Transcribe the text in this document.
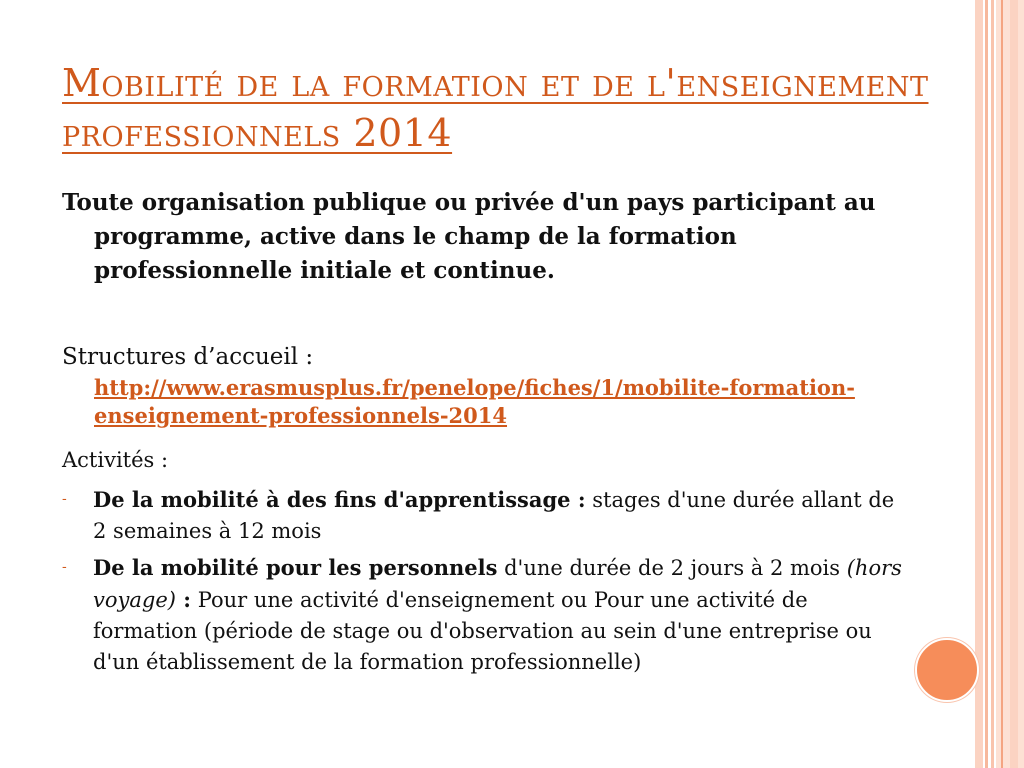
Mobilité de la formation et de l'enseignement professionnels 2014
Toute organisation publique ou privée d'un pays participant au programme, active dans le champ de la formation professionnelle initiale et continue.
Structures d’accueil :
http://www.erasmusplus.fr/penelope/fiches/1/mobilite-formation-enseignement-professionnels-2014
Activités :
- De la mobilité à des fins d'apprentissage : stages d'une durée allant de 2 semaines à 12 mois
- De la mobilité pour les personnels d'une durée de 2 jours à 2 mois (hors voyage) : Pour une activité d'enseignement ou Pour une activité de formation (période de stage ou d'observation au sein d'une entreprise ou d'un établissement de la formation professionnelle)
